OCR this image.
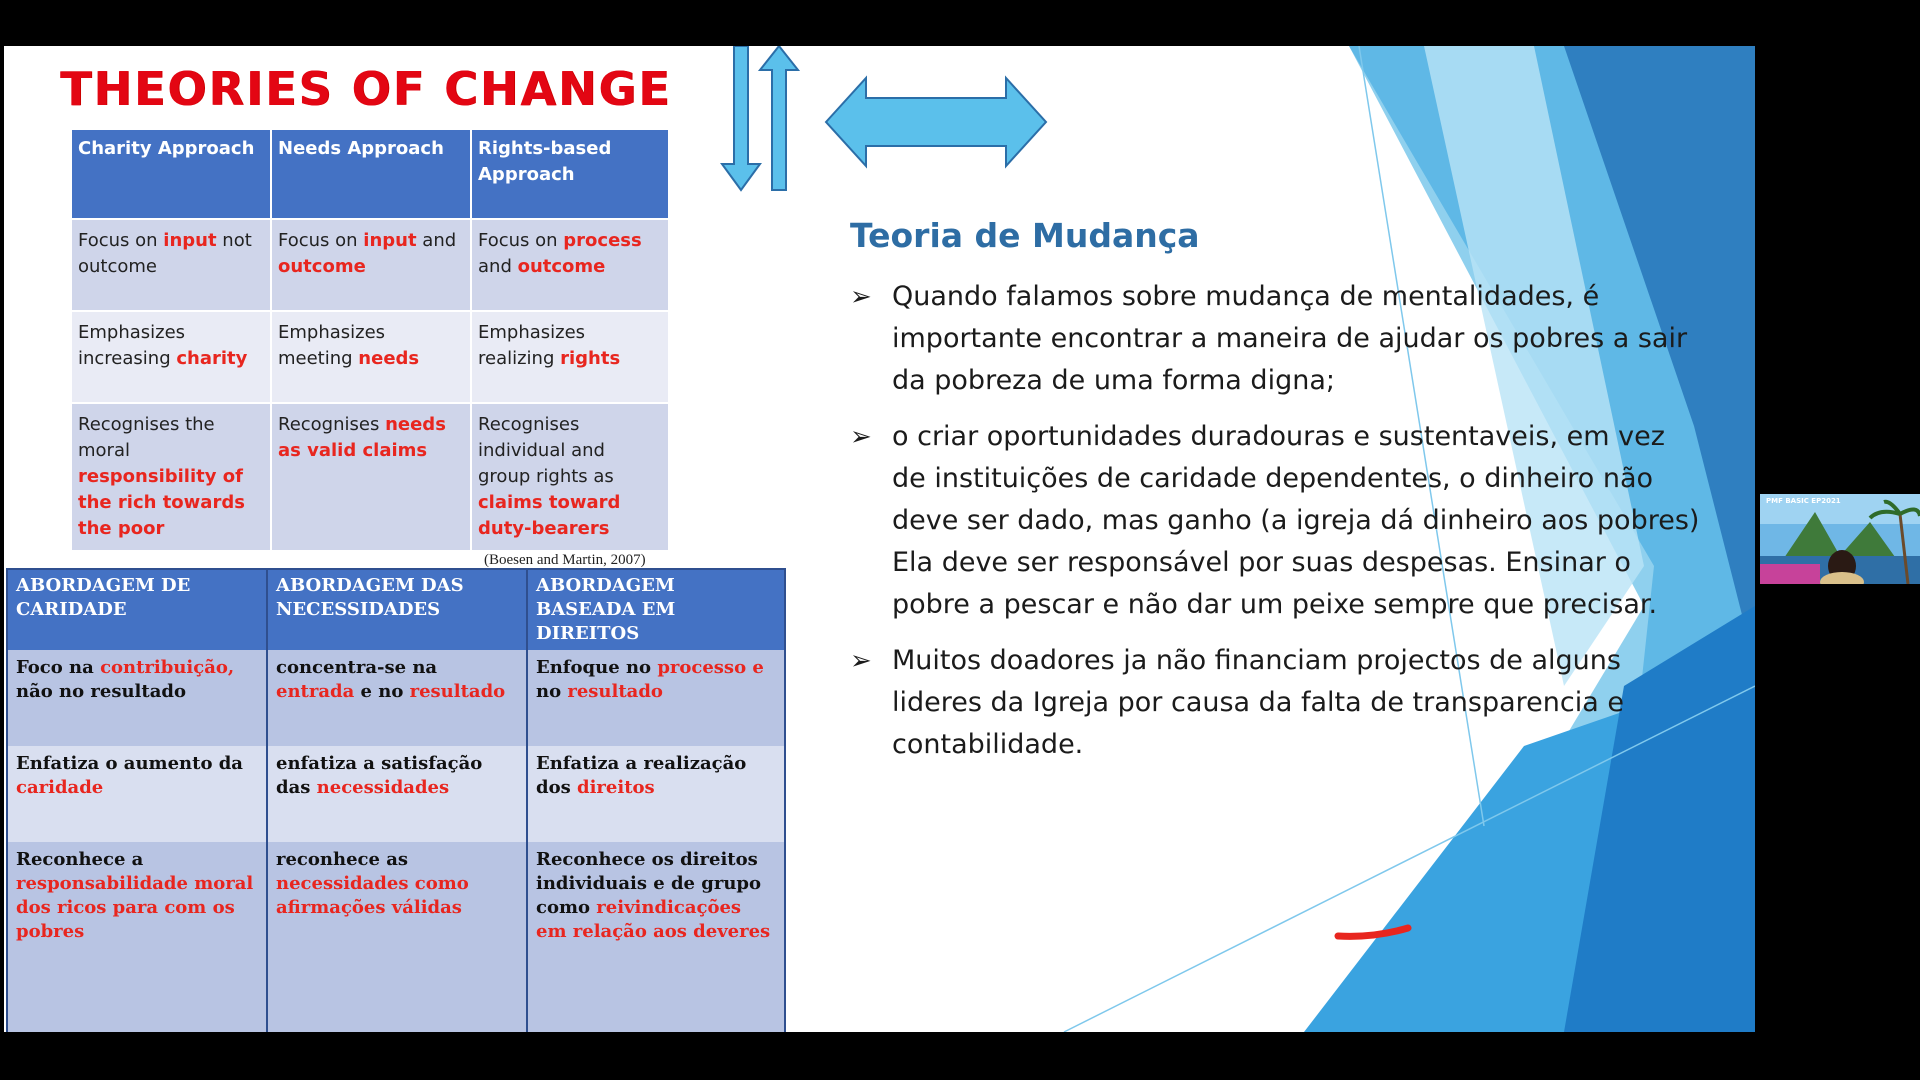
THEORIES OF CHANGE
Charity Approach	Needs Approach	Rights-based Approach
Focus on input not outcome	Focus on input and outcome	Focus on process and outcome
Emphasizes increasing charity	Emphasizes meeting needs	Emphasizes realizing rights
Recognises the moral responsibility of the rich towards the poor	Recognises needs as valid claims	Recognises individual and group rights as claims toward duty-bearers
(Boesen and Martin, 2007)
ABORDAGEM DE CARIDADE	ABORDAGEM DAS NECESSIDADES	ABORDAGEM BASEADA EM DIREITOS
Foco na contribuição, não no resultado	concentra-se na entrada e no resultado	Enfoque no processo e no resultado
Enfatiza o aumento da caridade	enfatiza a satisfação das necessidades	Enfatiza a realização dos direitos
Reconhece a responsabilidade moral dos ricos para com os pobres	reconhece as necessidades como afirmações válidas	Reconhece os direitos individuais e de grupo como reivindicações em relação aos deveres
Teoria de Mudança
➢ Quando falamos sobre mudança de mentalidades, é importante encontrar a maneira de ajudar os pobres a sair da pobreza de uma forma digna;
➢ o criar oportunidades duradouras e sustentaveis, em vez de instituições de caridade dependentes, o dinheiro não deve ser dado, mas ganho (a igreja dá dinheiro aos pobres) Ela deve ser responsável por suas despesas. Ensinar o pobre a pescar e não dar um peixe sempre que precisar.
➢ Muitos doadores ja não financiam projectos de alguns lideres da Igreja por causa da falta de transparencia e contabilidade.
PMF BASIC EP2021
